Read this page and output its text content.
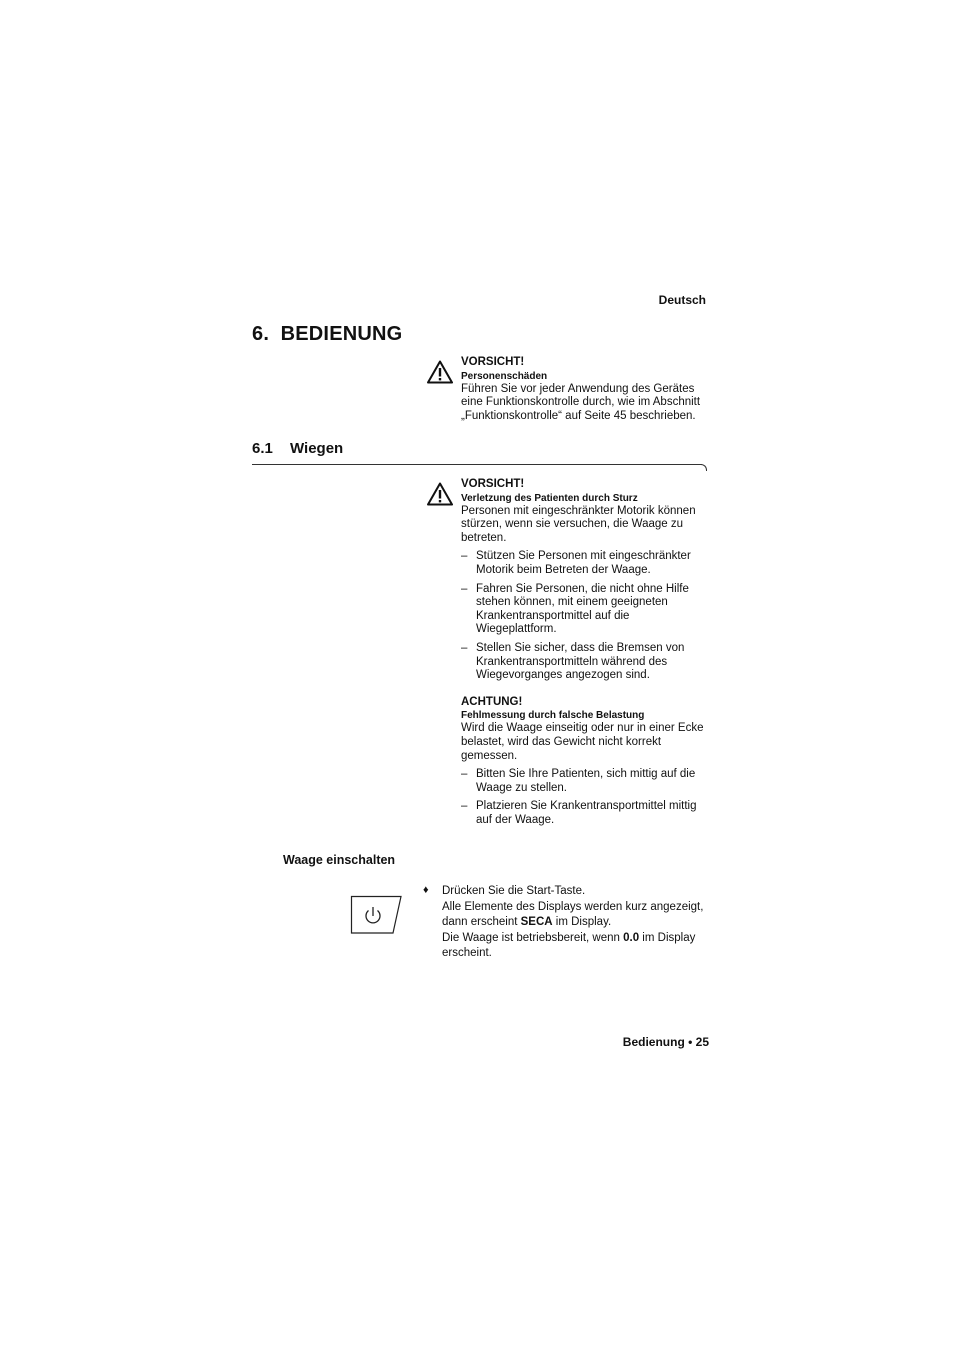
Deutsch
6. BEDIENUNG
VORSICHT!
Personenschäden

Führen Sie vor jeder Anwendung des Gerätes eine Funktionskontrolle durch, wie im Abschnitt „Funktionskontrolle“ auf Seite 45 beschrieben.

6.1 Wiegen
VORSICHT!
Verletzung des Patienten durch Sturz

Personen mit eingeschränkter Motorik können stürzen, wenn sie versuchen, die Waage zu betreten.

– Stützen Sie Personen mit eingeschränkter Motorik beim Betreten der Waage.
– Fahren Sie Personen, die nicht ohne Hilfe stehen können, mit einem geeigneten Krankentransportmittel auf die Wiegeplattform.
– Stellen Sie sicher, dass die Bremsen von Krankentransportmitteln während des Wiegevorganges angezogen sind.
ACHTUNG!
Fehlmessung durch falsche Belastung

Wird die Waage einseitig oder nur in einer Ecke belastet, wird das Gewicht nicht korrekt gemessen.

– Bitten Sie Ihre Patienten, sich mittig auf die Waage zu stellen.
– Platzieren Sie Krankentransportmittel mittig auf der Waage.
Waage einschalten
♦ Drücken Sie die Start-Taste.
Alle Elemente des Displays werden kurz angezeigt, dann erscheint SECA im Display.
Die Waage ist betriebsbereit, wenn 0.0 im Display erscheint.
Bedienung • 25
